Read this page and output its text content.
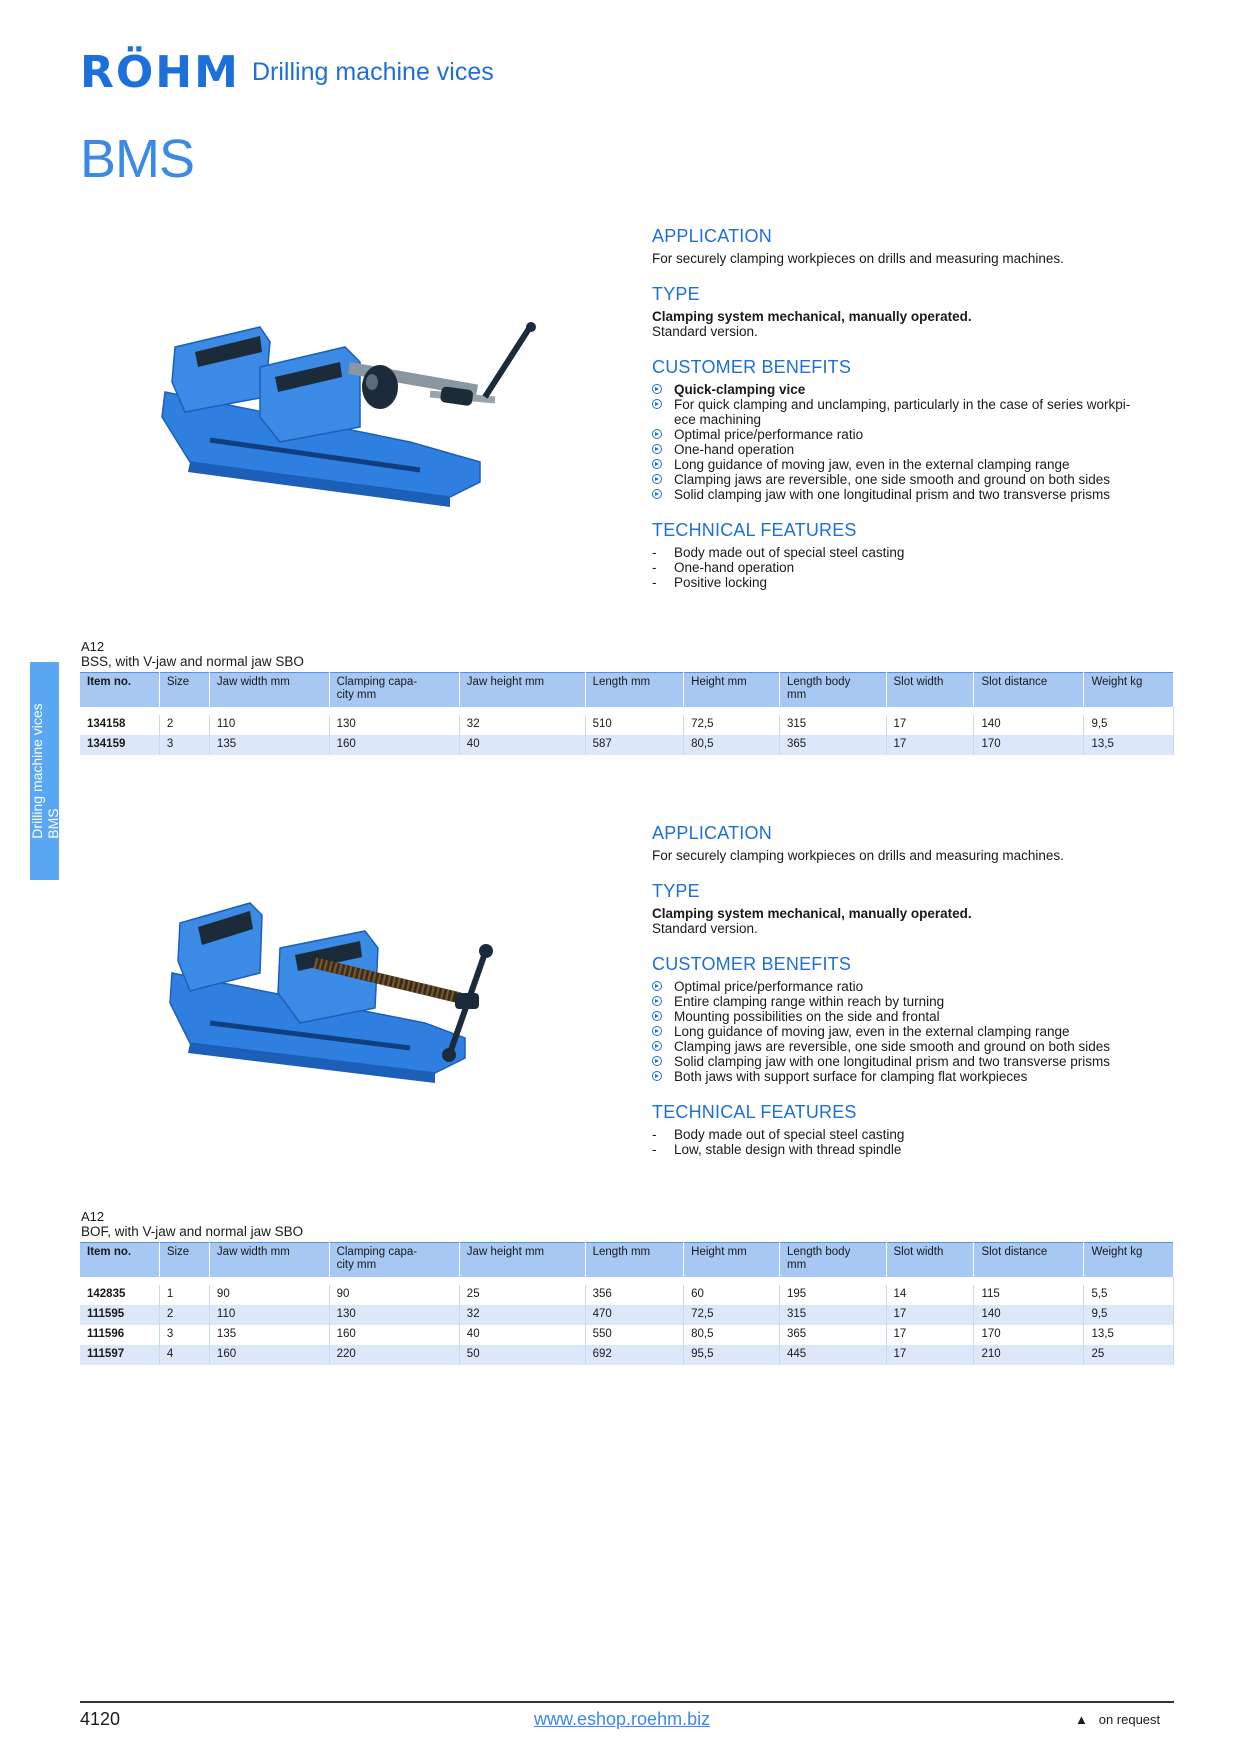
RÖHM Drilling machine vices
BMS
Drilling machine vices BMS
APPLICATION

For securely clamping workpieces on drills and measuring machines.

TYPE

Clamping system mechanical, manually operated.

Standard version.

CUSTOMER BENEFITS
Quick-clamping vice
For quick clamping and unclamping, particularly in the case of series workpi-
ece machining
Optimal price/performance ratio
One-hand operation
Long guidance of moving jaw, even in the external clamping range
Clamping jaws are reversible, one side smooth and ground on both sides
Solid clamping jaw with one longitudinal prism and two transverse prisms
TECHNICAL FEATURES
- Body made out of special steel casting
- One-hand operation
- Positive locking
A12
BSS, with V-jaw and normal jaw SBO
Item no.	Size	Jaw width mm	Clamping capa-
city mm	Jaw height mm	Length mm	Height mm	Length body
mm	Slot width	Slot distance	Weight kg

134158	2	110	130	32	510	72,5	315	17	140	9,5
134159	3	135	160	40	587	80,5	365	17	170	13,5
APPLICATION

For securely clamping workpieces on drills and measuring machines.

TYPE

Clamping system mechanical, manually operated.

Standard version.

CUSTOMER BENEFITS
Optimal price/performance ratio
Entire clamping range within reach by turning
Mounting possibilities on the side and frontal
Long guidance of moving jaw, even in the external clamping range
Clamping jaws are reversible, one side smooth and ground on both sides
Solid clamping jaw with one longitudinal prism and two transverse prisms
Both jaws with support surface for clamping flat workpieces
TECHNICAL FEATURES
- Body made out of special steel casting
- Low, stable design with thread spindle
A12
BOF, with V-jaw and normal jaw SBO
Item no.	Size	Jaw width mm	Clamping capa-
city mm	Jaw height mm	Length mm	Height mm	Length body
mm	Slot width	Slot distance	Weight kg

142835	1	90	90	25	356	60	195	14	115	5,5
111595	2	110	130	32	470	72,5	315	17	140	9,5
111596	3	135	160	40	550	80,5	365	17	170	13,5
111597	4	160	220	50	692	95,5	445	17	210	25
4120	www.eshop.roehm.biz	▲ on request
